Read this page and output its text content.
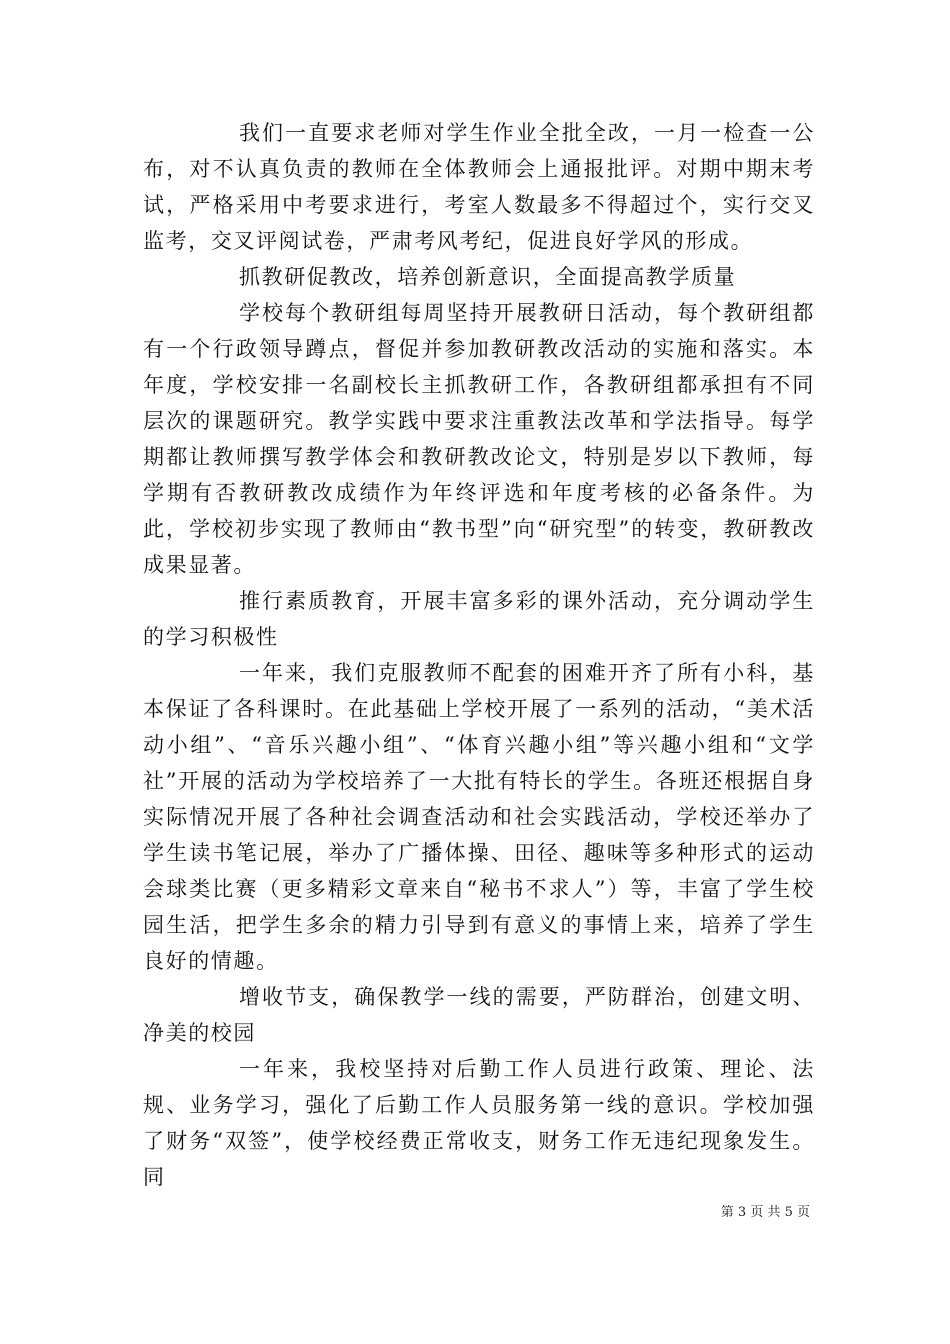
我们一直要求老师对学生作业全批全改，一月一检查一公布，对不认真负责的教师在全体教师会上通报批评。对期中期末考试，严格采用中考要求进行，考室人数最多不得超过个，实行交叉监考，交叉评阅试卷，严肃考风考纪，促进良好学风的形成。

抓教研促教改，培养创新意识，全面提高教学质量

学校每个教研组每周坚持开展教研日活动，每个教研组都有一个行政领导蹲点，督促并参加教研教改活动的实施和落实。本年度，学校安排一名副校长主抓教研工作，各教研组都承担有不同层次的课题研究。教学实践中要求注重教法改革和学法指导。每学期都让教师撰写教学体会和教研教改论文，特别是岁以下教师，每学期有否教研教改成绩作为年终评选和年度考核的必备条件。为此，学校初步实现了教师由“教书型”向“研究型”的转变，教研教改成果显著。

推行素质教育，开展丰富多彩的课外活动，充分调动学生的学习积极性

一年来，我们克服教师不配套的困难开齐了所有小科，基本保证了各科课时。在此基础上学校开展了一系列的活动，“美术活动小组”、“音乐兴趣小组”、“体育兴趣小组”等兴趣小组和“文学社”开展的活动为学校培养了一大批有特长的学生。各班还根据自身实际情况开展了各种社会调查活动和社会实践活动，学校还举办了学生读书笔记展，举办了广播体操、田径、趣味等多种形式的运动会球类比赛（更多精彩文章来自“秘书不求人”）等，丰富了学生校园生活，把学生多余的精力引导到有意义的事情上来，培养了学生良好的情趣。

增收节支，确保教学一线的需要，严防群治，创建文明、净美的校园

一年来，我校坚持对后勤工作人员进行政策、理论、法规、业务学习，强化了后勤工作人员服务第一线的意识。学校加强了财务“双签”，使学校经费正常收支，财务工作无违纪现象发生。同

第 3 页 共 5 页
